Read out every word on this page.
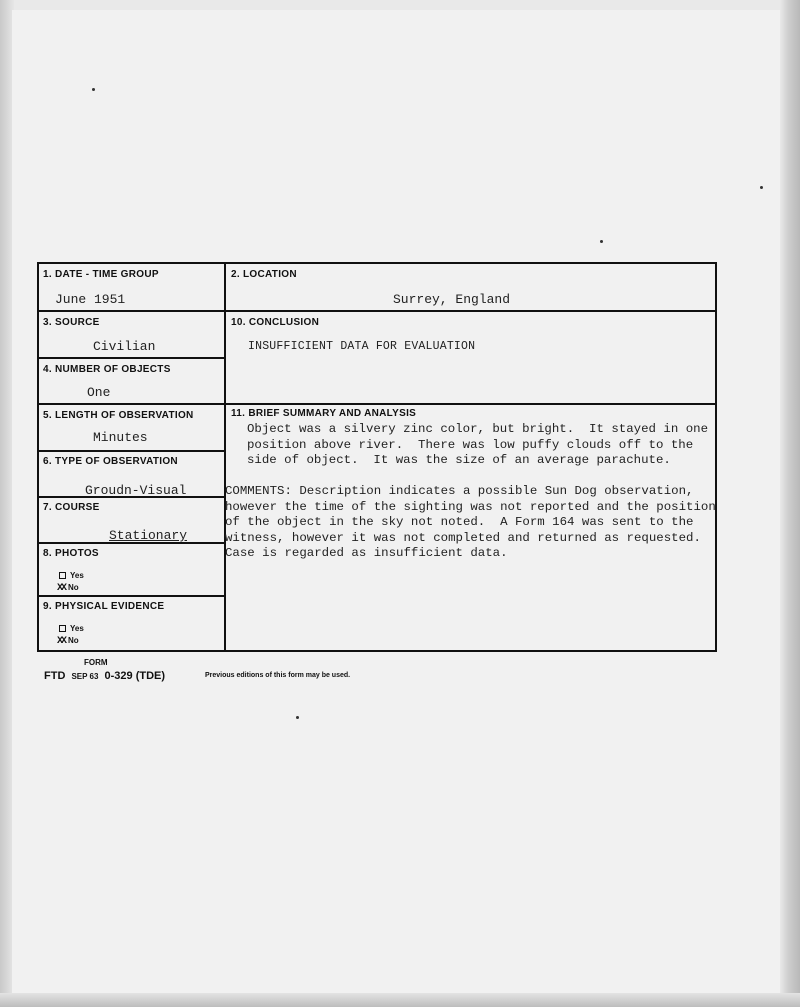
1. DATE - TIME GROUP
June 1951
3. SOURCE
Civilian
4. NUMBER OF OBJECTS
One
5. LENGTH OF OBSERVATION
Minutes
6. TYPE OF OBSERVATION
Groudn-Visual
7. COURSE
Stationary
8. PHOTOS
Yes
XX No
9. PHYSICAL EVIDENCE
Yes
XX No
2. LOCATION
Surrey, England
10. CONCLUSION
INSUFFICIENT DATA FOR EVALUATION
11. BRIEF SUMMARY AND ANALYSIS
Object was a silvery zinc color, but bright.  It stayed in one
position above river.  There was low puffy clouds off to the
side of object.  It was the size of an average parachute.
COMMENTS: Description indicates a possible Sun Dog observation,
however the time of the sighting was not reported and the position
of the object in the sky not noted.  A Form 164 was sent to the
witness, however it was not completed and returned as requested.
Case is regarded as insufficient data.
FORM
FTD SEP 63 0-329 (TDE)	Previous editions of this form may be used.
